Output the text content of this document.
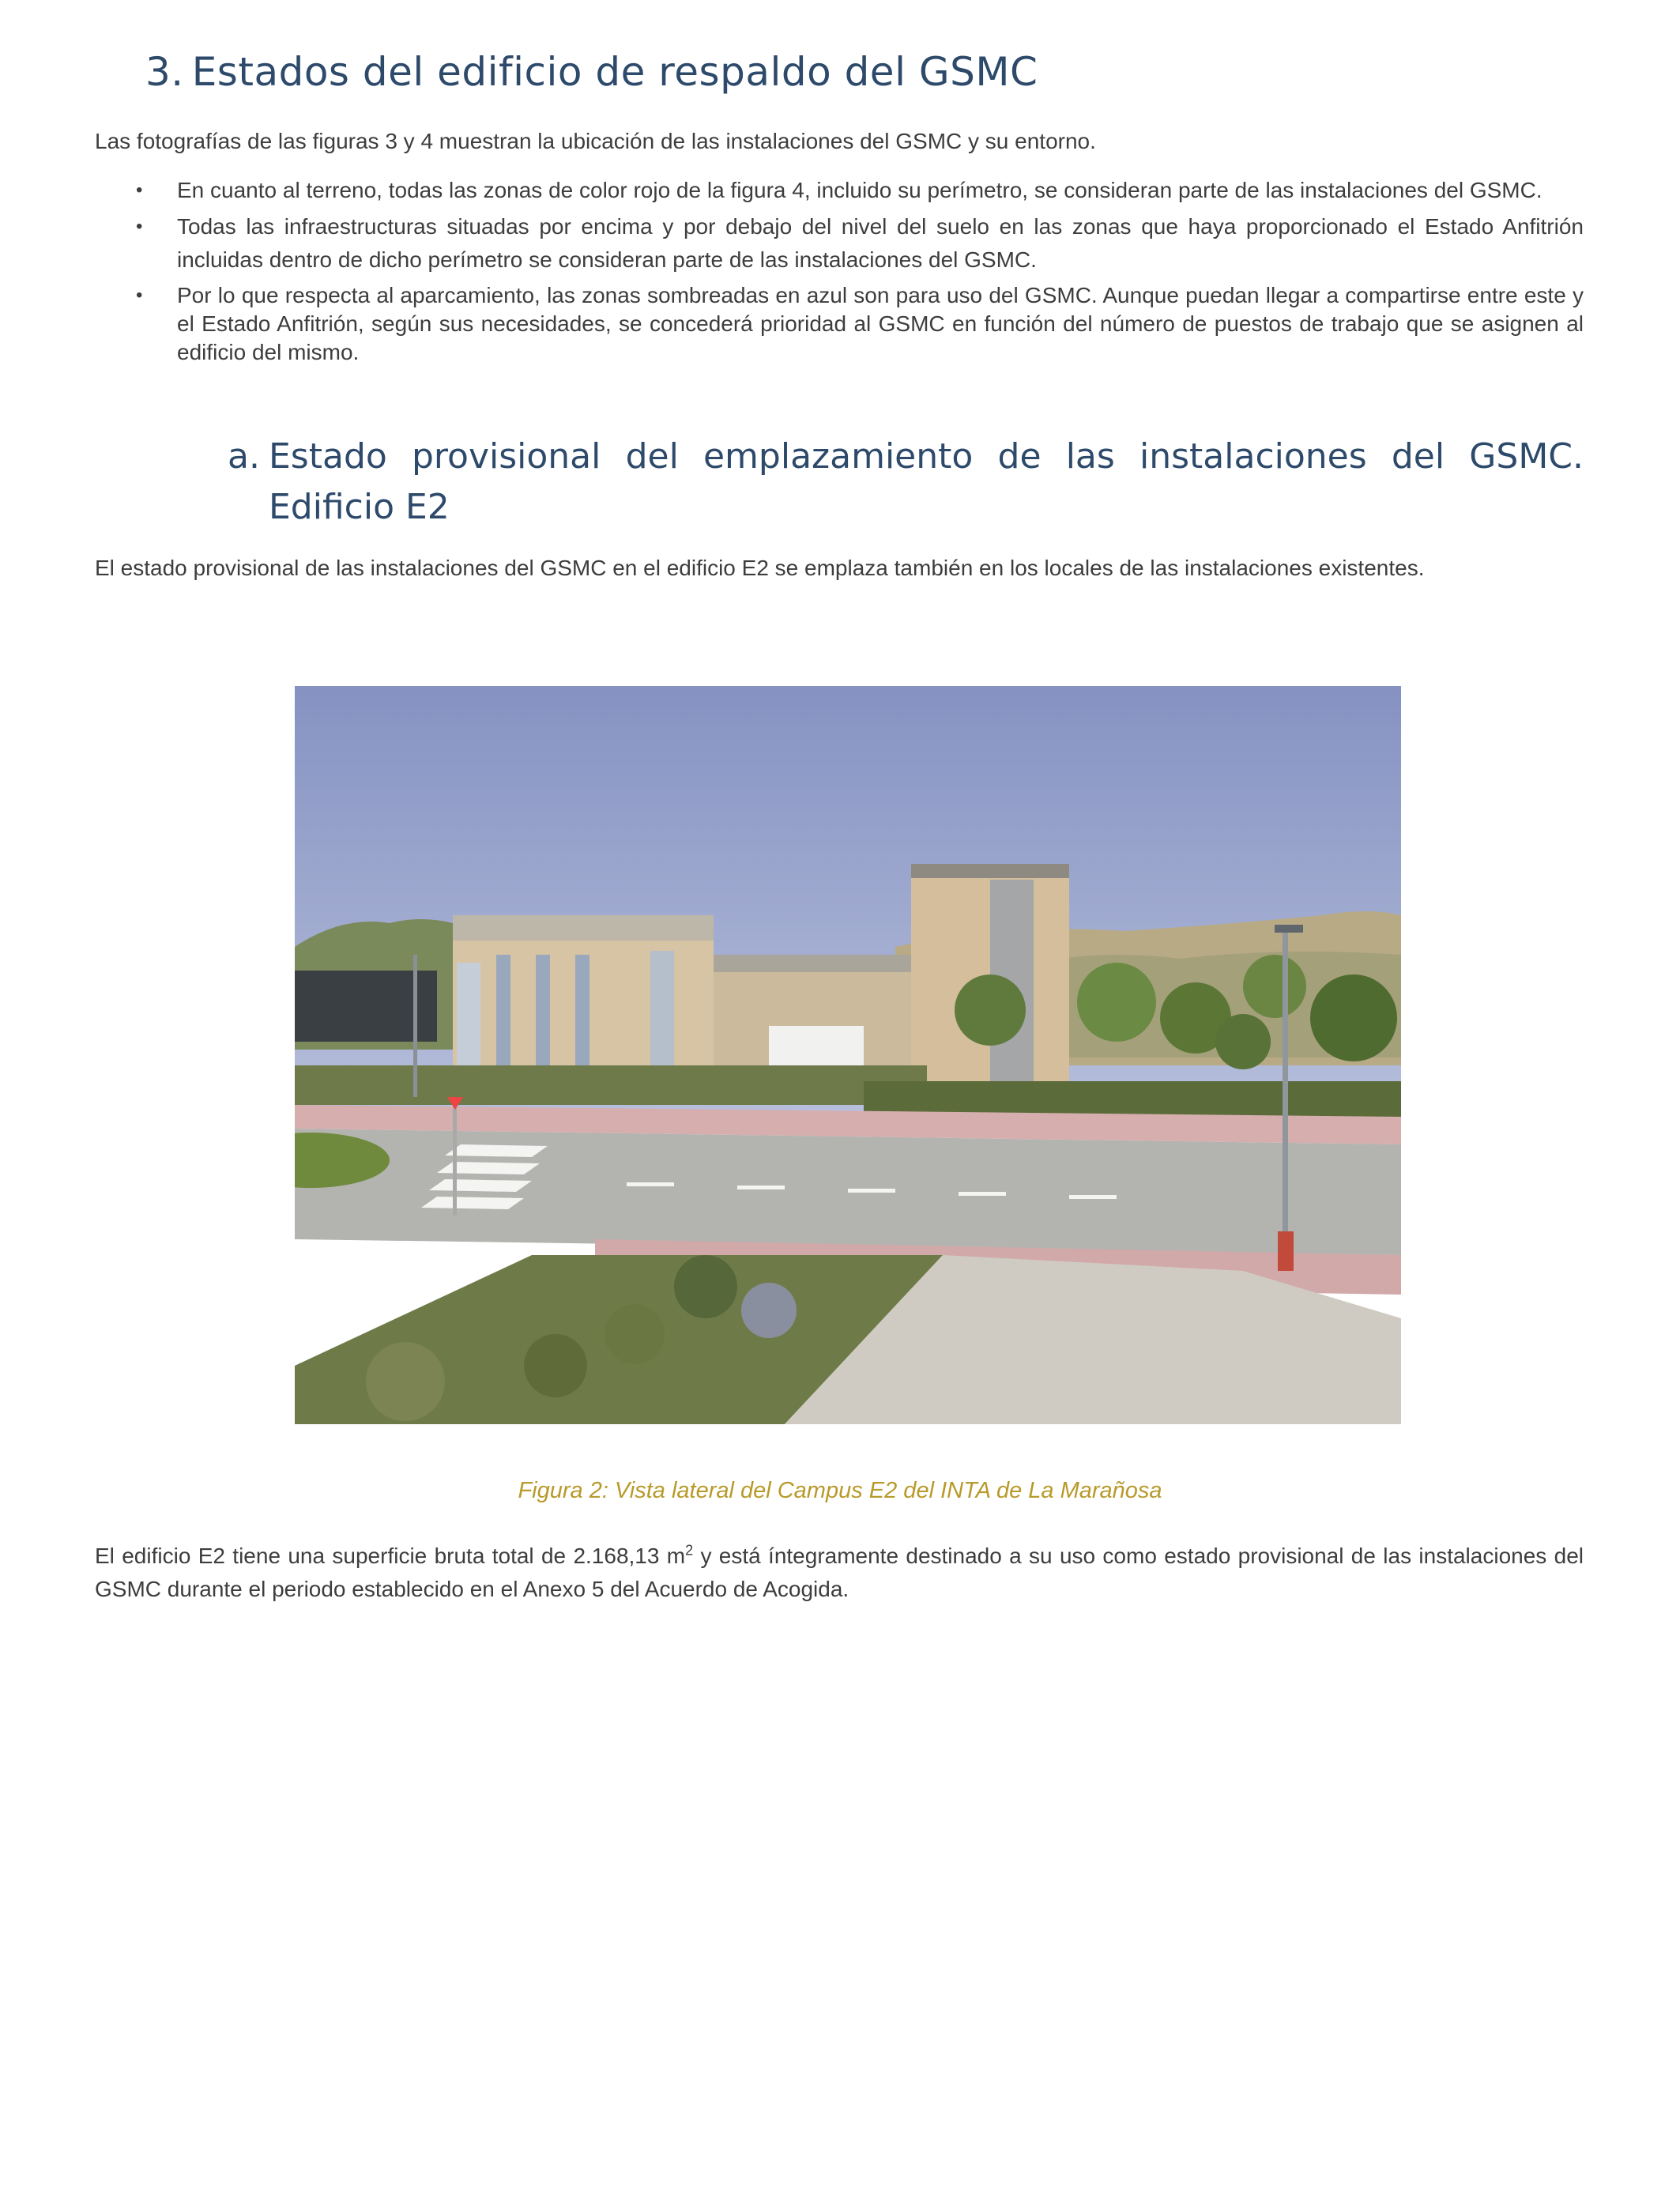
3. Estados del edificio de respaldo del GSMC

Las fotografías de las figuras 3 y 4 muestran la ubicación de las instalaciones del GSMC y su entorno.

• En cuanto al terreno, todas las zonas de color rojo de la figura 4, incluido su perímetro, se consideran parte de las instalaciones del GSMC.
• Todas las infraestructuras situadas por encima y por debajo del nivel del suelo en las zonas que haya proporcionado el Estado Anfitrión incluidas dentro de dicho perímetro se consideran parte de las instalaciones del GSMC.
• Por lo que respecta al aparcamiento, las zonas sombreadas en azul son para uso del GSMC. Aunque puedan llegar a compartirse entre este y el Estado Anfitrión, según sus necesidades, se concederá prioridad al GSMC en función del número de puestos de trabajo que se asignen al edificio del mismo.
a. Estado provisional del emplazamiento de las instalaciones del GSMC. Edificio E2

El estado provisional de las instalaciones del GSMC en el edificio E2 se emplaza también en los locales de las instalaciones existentes.

Figura 2: Vista lateral del Campus E2 del INTA de La Marañosa

El edificio E2 tiene una superficie bruta total de 2.168,13 $m^2$ y está íntegramente destinado a su uso como estado provisional de las instalaciones del GSMC durante el periodo establecido en el Anexo 5 del Acuerdo de Acogida.
